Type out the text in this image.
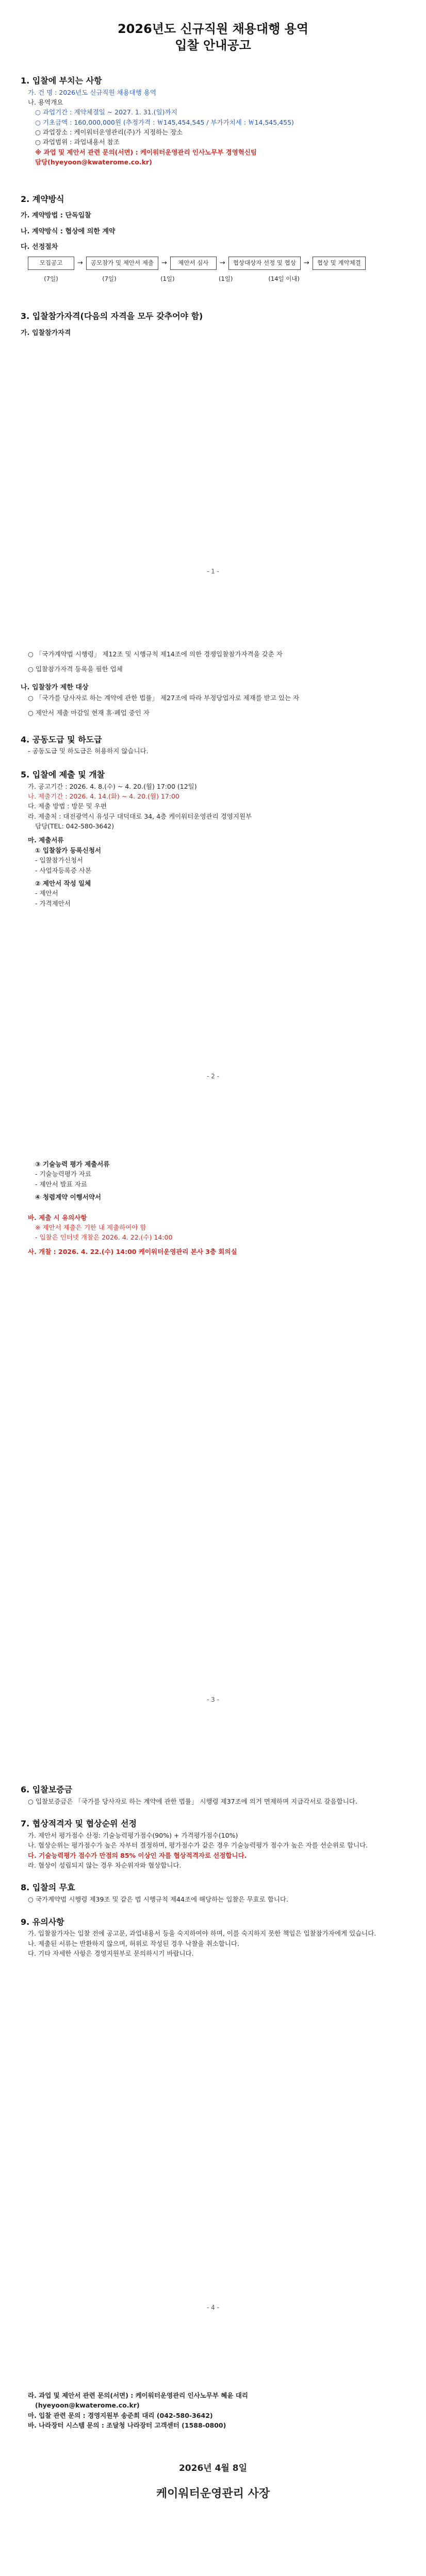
2026년도 신규직원 채용대행 용역
입찰 안내공고
1. 입찰에 부치는 사항
가. 건 명 : 2026년도 신규직원 채용대행 용역
나. 용역개요
○ 과업기간 : 계약체결일 ~ 2027. 1. 31.(일)까지
○ 기초금액 : 160,000,000원 (추정가격 : ￦145,454,545 / 부가가치세 : ￦14,545,455)
○ 과업장소 : 케이워터운영관리(주)가 지정하는 장소
○ 과업범위 : 과업내용서 참조
※ 과업 및 제안서 관련 문의(서면) : 케이워터운영관리 인사노무부 경영혁신팀
담당(hyeyoon@kwaterome.co.kr)
2. 계약방식
가. 계약방법 : 단독입찰
나. 계약방식 : 협상에 의한 계약
다. 선정절차
모집공고	→	공모참가 및 제안서 제출	→	제안서 심사	→	협상대상자 선정 및 협상	→	협상 및 계약체결
(7일)	(7일)	(1일)	(1일)	(14일 이내)
3. 입찰참가자격(다음의 자격을 모두 갖추어야 함)
가. 입찰참가자격
- 1 -
○ 「국가계약법 시행령」 제12조 및 시행규칙 제14조에 의한 경쟁입찰참가자격을 갖춘 자
○ 입찰참가자격 등록을 필한 업체
나. 입찰참가 제한 대상
○ 「국가를 당사자로 하는 계약에 관한 법률」 제27조에 따라 부정당업자로 제재를 받고 있는 자
○ 제안서 제출 마감일 현재 휴·폐업 중인 자
4. 공동도급 및 하도급
- 공동도급 및 하도급은 허용하지 않습니다.
5. 입찰에 제출 및 개찰
가. 공고기간 : 2026. 4. 8.(수) ~ 4. 20.(월) 17:00 (12일)
나. 제출기간 : 2026. 4. 14.(화) ~ 4. 20.(월) 17:00
다. 제출 방법 : 방문 및 우편
라. 제출처 : 대전광역시 유성구 대덕대로 34, 4층 케이워터운영관리 경영지원부
담당(TEL: 042-580-3642)
마. 제출서류
① 입찰참가 등록신청서
- 입찰참가신청서
- 사업자등록증 사본
② 제안서 작성 일체
- 제안서
- 가격제안서
- 2 -
③ 기술능력 평가 제출서류
- 기술능력평가 자료
- 제안서 발표 자료
④ 청렴계약 이행서약서
바. 제출 시 유의사항
※ 제안서 제출은 기한 내 제출하여야 함
- 입찰은 인터넷 개찰은 2026. 4. 22.(수) 14:00
사. 개찰 : 2026. 4. 22.(수) 14:00 케이워터운영관리 본사 3층 회의실
- 3 -
6. 입찰보증금
○ 입찰보증금은 「국가를 당사자로 하는 계약에 관한 법률」 시행령 제37조에 의거 면제하며 지급각서로 갈음합니다.
7. 협상적격자 및 협상순위 선정
가. 제안서 평가점수 산정: 기술능력평가점수(90%) + 가격평가점수(10%)
나. 협상순위는 평가점수가 높은 자부터 결정하며, 평가점수가 같은 경우 기술능력평가 점수가 높은 자를 선순위로 합니다.
다. 기술능력평가 점수가 만점의 85% 이상인 자를 협상적격자로 선정합니다.
라. 협상이 성립되지 않는 경우 차순위자와 협상합니다.
8. 입찰의 무효
○ 국가계약법 시행령 제39조 및 같은 법 시행규칙 제44조에 해당하는 입찰은 무효로 합니다.
9. 유의사항
가. 입찰참가자는 입찰 전에 공고문, 과업내용서 등을 숙지하여야 하며, 이를 숙지하지 못한 책임은 입찰참가자에게 있습니다.
나. 제출된 서류는 반환하지 않으며, 허위로 작성된 경우 낙찰을 취소합니다.
다. 기타 자세한 사항은 경영지원부로 문의하시기 바랍니다.
- 4 -
라. 과업 및 제안서 관련 문의(서면) : 케이워터운영관리 인사노무부 혜윤 대리
(hyeyoon@kwaterome.co.kr)
마. 입찰 관련 문의 : 경영지원부 송준희 대리 (042-580-3642)
바. 나라장터 시스템 문의 : 조달청 나라장터 고객센터 (1588-0800)
2026년 4월 8일
케이워터운영관리 사장
